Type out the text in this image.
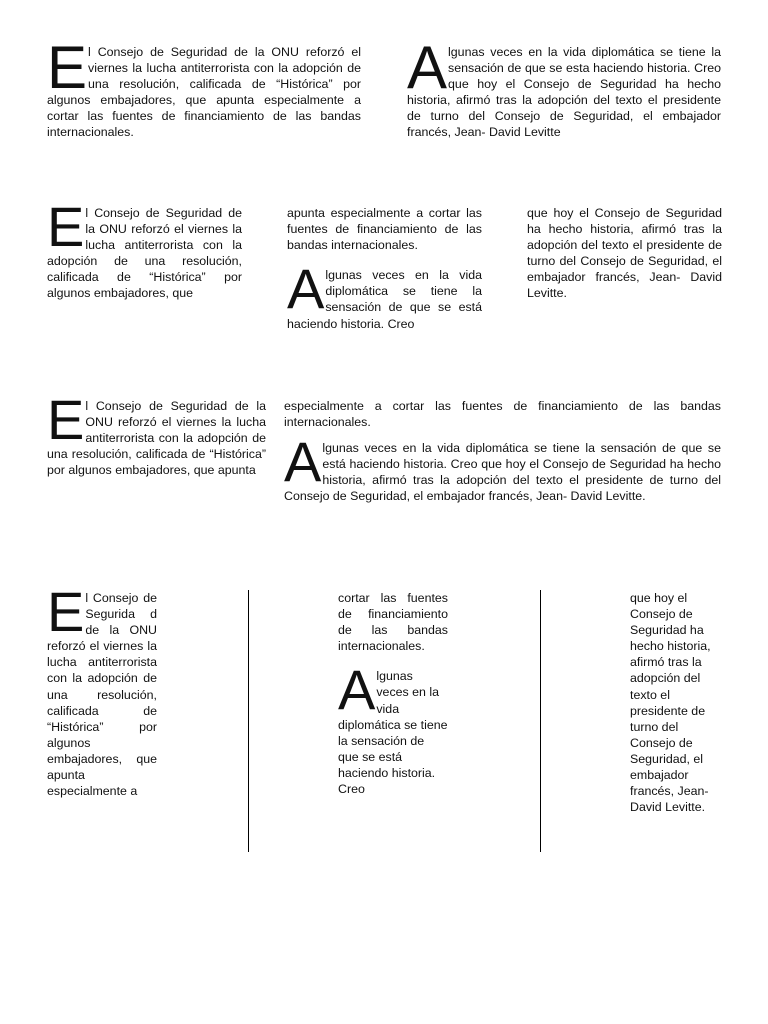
E l Consejo de Seguridad de la ONU reforzó el viernes la lucha antiterrorista con la adopción de una resolución, calificada de “Histórica” por algunos embajadores, que apunta especialmente a cortar las fuentes de financiamiento de las bandas internacionales.

A lgunas veces en la vida diplomática se tiene la sensación de que se esta haciendo historia. Creo que hoy el Consejo de Seguridad ha hecho historia, afirmó tras la adopción del texto el presidente de turno del Consejo de Seguridad, el embajador francés, Jean- David Levitte

E l Consejo de Seguridad de la ONU reforzó el viernes la lucha antiterrorista con la adopción de una resolución, calificada de “Histórica” por algunos embajadores, que

apunta especialmente a cortar las fuentes de financiamiento de las bandas internacionales.

A lgunas veces en la vida diplomática se tiene la sensación de que se está haciendo historia. Creo

que hoy el Consejo de Seguridad ha hecho historia, afirmó tras la adopción del texto el presidente de turno del Consejo de Seguridad, el embajador francés, Jean- David Levitte.

E l Consejo de Seguridad de la ONU reforzó el viernes la lucha antiterrorista con la adopción de una resolución, calificada de “Histórica” por algunos embajadores, que apunta

especialmente a cortar las fuentes de financiamiento de las bandas internacionales.

A lgunas veces en la vida diplomática se tiene la sensación de que se está haciendo historia. Creo que hoy el Consejo de Seguridad ha hecho historia, afirmó tras la adopción del texto el presidente de turno del Consejo de Seguridad, el embajador francés, Jean- David Levitte.

E l Consejo de Segurida d de la ONU reforzó el viernes la lucha antiterrorista con la adopción de una resolución, calificada de “Histórica” por algunos embajadores, que apunta especialmente a

cortar las fuentes de financiamiento de las bandas internacionales.

A lgunas veces en la vida diplomática se tiene la sensación de que se está haciendo historia. Creo

que hoy el Consejo de Seguridad ha hecho historia, afirmó tras la adopción del texto el presidente de turno del Consejo de Seguridad, el embajador francés, Jean- David Levitte.
